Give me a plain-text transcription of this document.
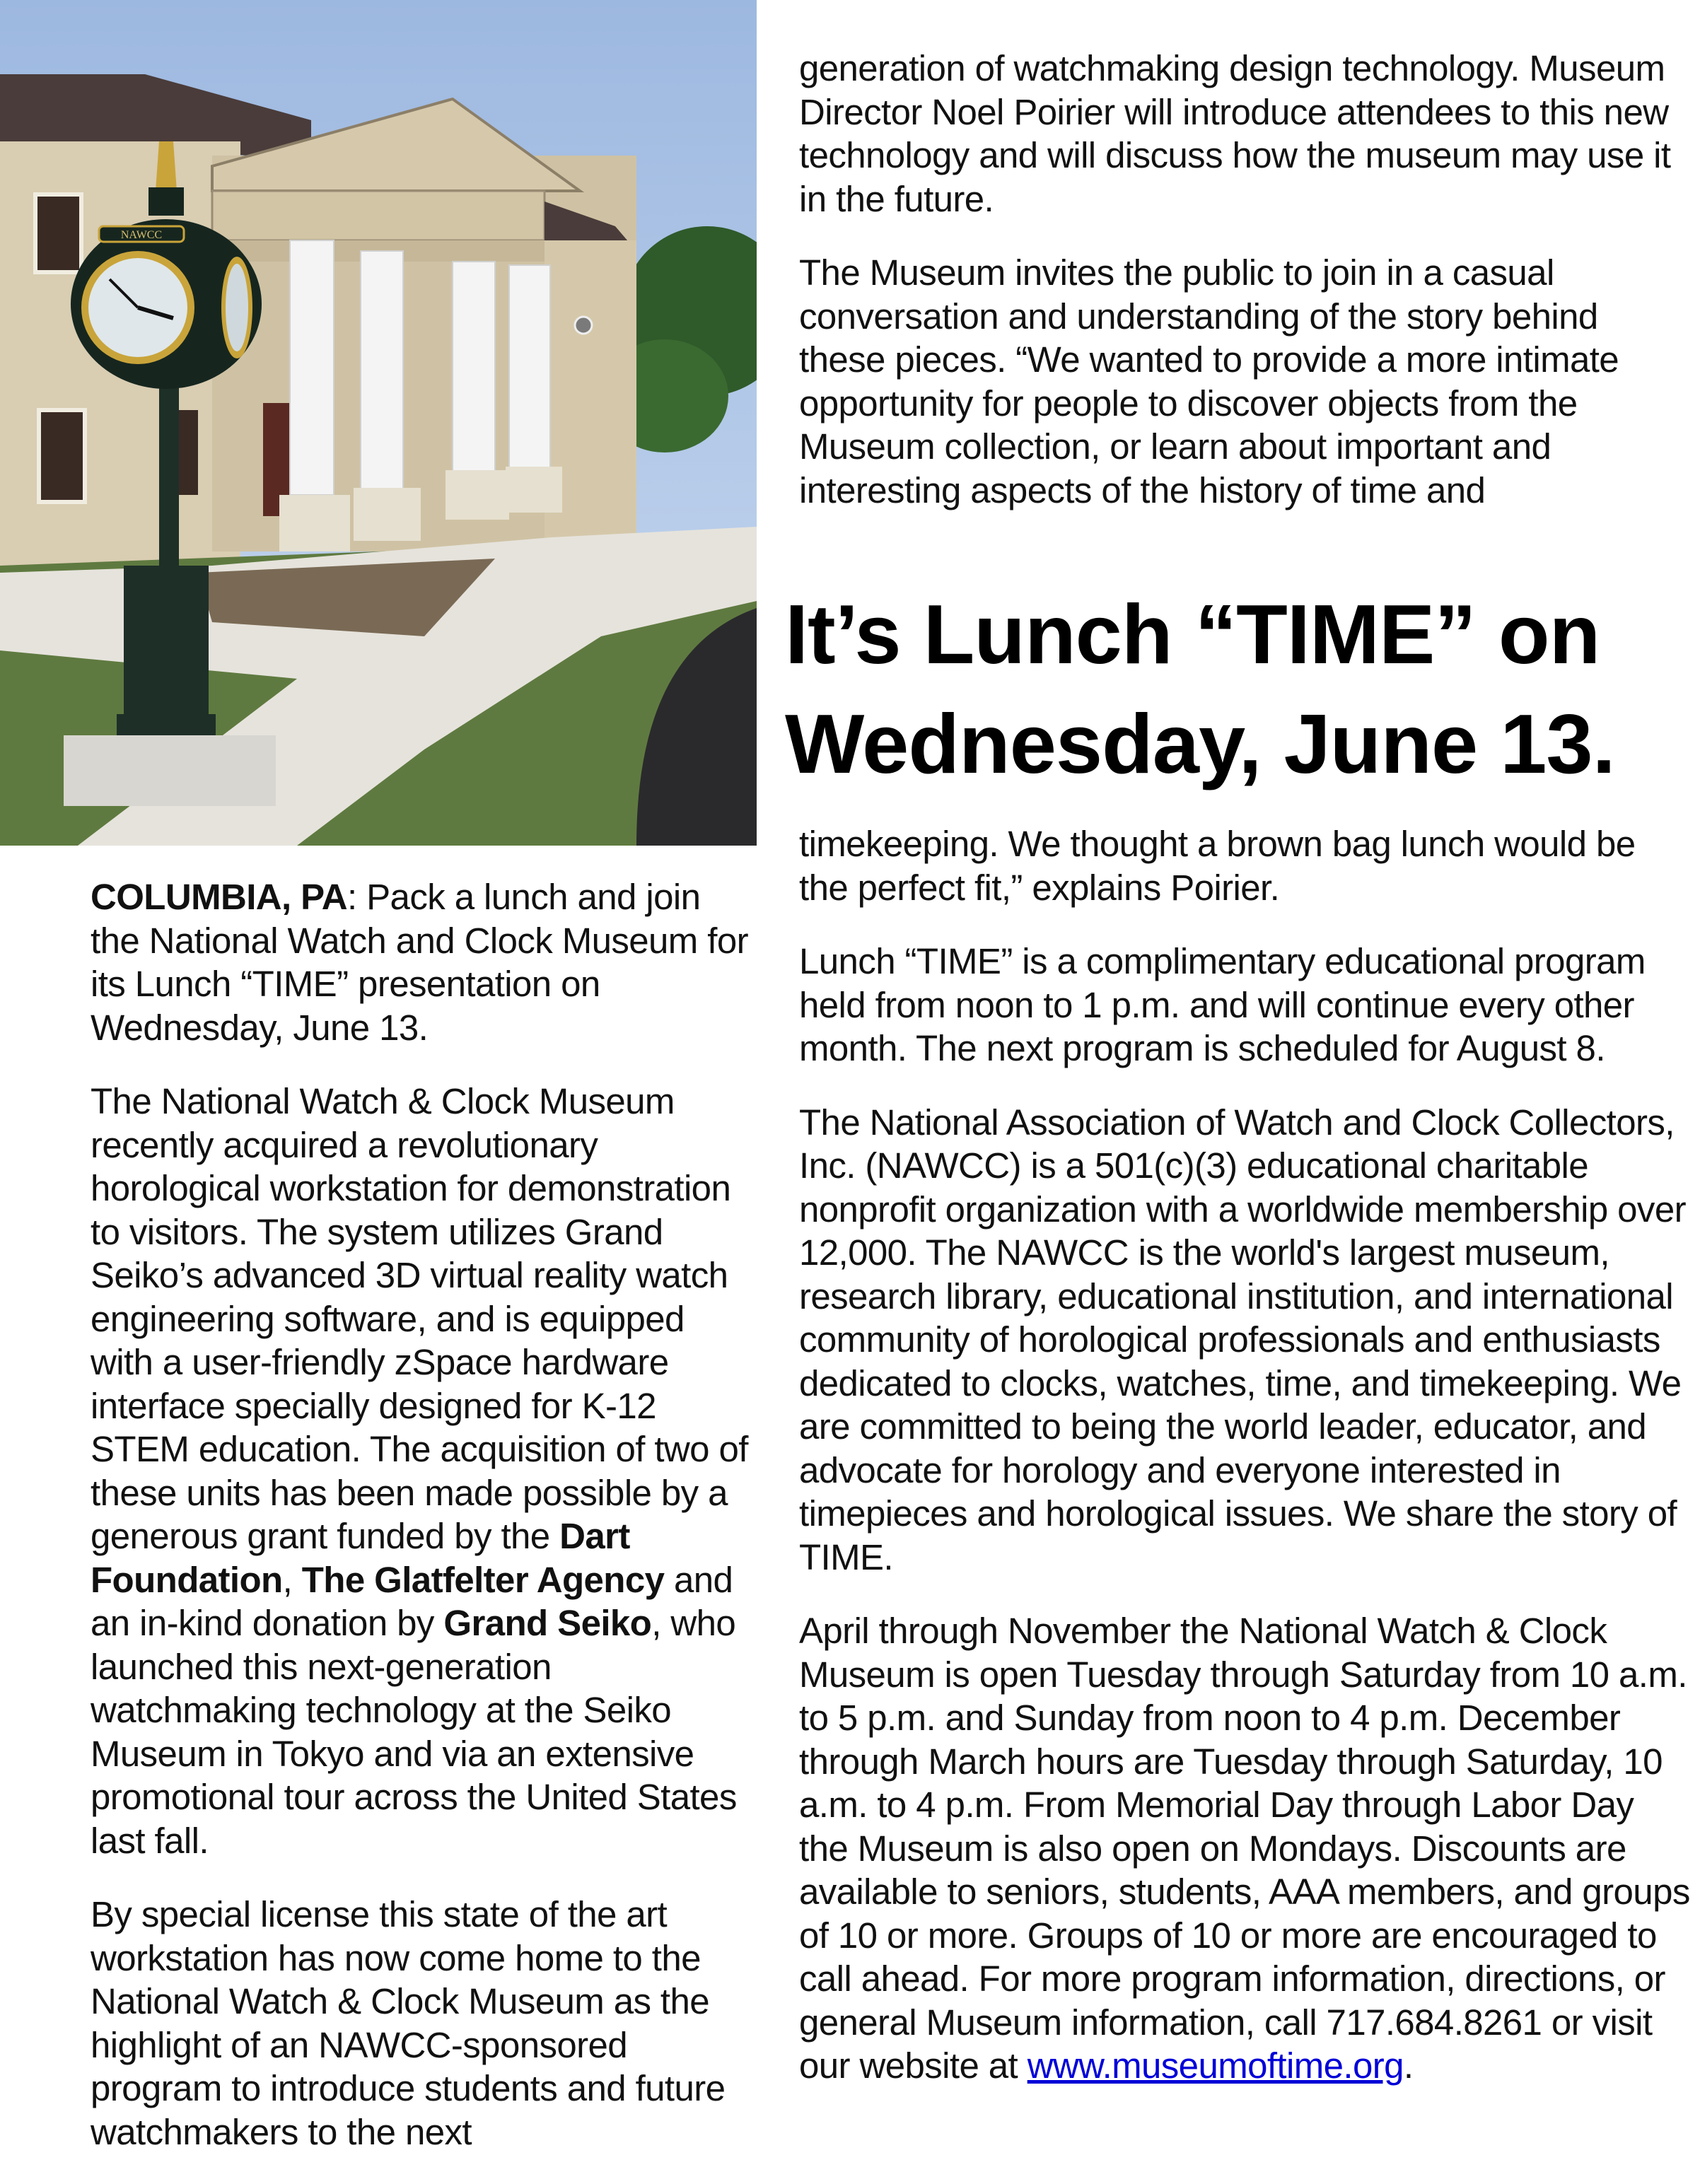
NAWCC

generation of watchmaking design technology. Museum Director Noel Poirier will introduce attendees to this new technology and will discuss how the museum may use it in the future.

The Museum invites the public to join in a casual conversation and understanding of the story behind these pieces. “We wanted to provide a more intimate opportunity for people to discover objects from the Museum collection, or learn about important and interesting aspects of the history of time and

It’s Lunch “TIME” on
Wednesday, June 13.

timekeeping. We thought a brown bag lunch would be the perfect fit,” explains Poirier.

Lunch “TIME” is a complimentary educational program held from noon to 1 p.m. and will continue every other month. The next program is scheduled for August 8.

The National Association of Watch and Clock Collectors, Inc. (NAWCC) is a 501(c)(3) educational charitable nonprofit organization with a worldwide membership over 12,000. The NAWCC is the world's largest museum, research library, educational institution, and international community of horological professionals and enthusiasts dedicated to clocks, watches, time, and timekeeping. We are committed to being the world leader, educator, and advocate for horology and everyone interested in timepieces and horological issues. We share the story of TIME.

April through November the National Watch & Clock Museum is open Tuesday through Saturday from 10 a.m. to 5 p.m. and Sunday from noon to 4 p.m. December through March hours are Tuesday through Saturday, 10 a.m. to 4 p.m. From Memorial Day through Labor Day the Museum is also open on Mondays. Discounts are available to seniors, students, AAA members, and groups of 10 or more. Groups of 10 or more are encouraged to call ahead. For more program information, directions, or general Museum information, call 717.684.8261 or visit our website at www.museumoftime.org.

COLUMBIA, PA: Pack a lunch and join the National Watch and Clock Museum for its Lunch “TIME” presentation on Wednesday, June 13.

The National Watch & Clock Museum recently acquired a revolutionary horological workstation for demonstration to visitors. The system utilizes Grand Seiko’s advanced 3D virtual reality watch engineering software, and is equipped with a user-friendly zSpace hardware interface specially designed for K-12 STEM education. The acquisition of two of these units has been made possible by a generous grant funded by the Dart Foundation, The Glatfelter Agency and an in-kind donation by Grand Seiko, who launched this next-generation watchmaking technology at the Seiko Museum in Tokyo and via an extensive promotional tour across the United States last fall.

By special license this state of the art workstation has now come home to the National Watch & Clock Museum as the highlight of an NAWCC-sponsored program to introduce students and future watchmakers to the next
